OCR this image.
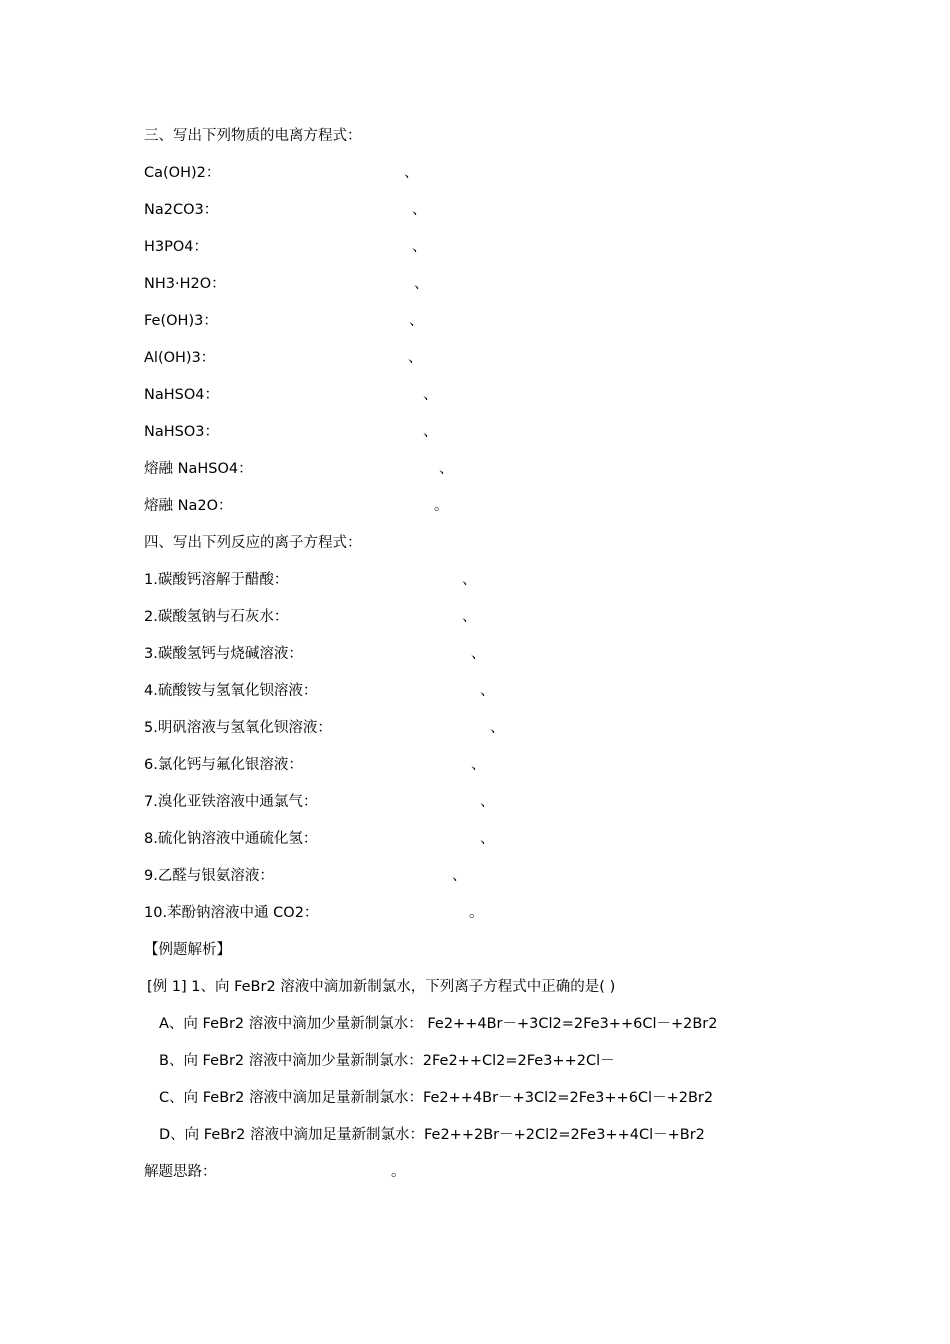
三、写出下列物质的电离方程式：
Ca(OH)2：	、
Na2CO3：	、
H3PO4：	、
NH3·H2O：	、
Fe(OH)3：	、
Al(OH)3：	、
NaHSO4：	、
NaHSO3：	、
熔融 NaHSO4：	、
熔融 Na2O：	。
四、写出下列反应的离子方程式：
1.碳酸钙溶解于醋酸：	、
2.碳酸氢钠与石灰水：	、
3.碳酸氢钙与烧碱溶液：	、
4.硫酸铵与氢氧化钡溶液：	、
5.明矾溶液与氢氧化钡溶液：	、
6.氯化钙与氟化银溶液：	、
7.溴化亚铁溶液中通氯气：	、
8.硫化钠溶液中通硫化氢：	、
9.乙醛与银氨溶液：	、
10.苯酚钠溶液中通 CO2：	。
【例题解析】
[例 1] 1、向 FeBr2 溶液中滴加新制氯水，下列离子方程式中正确的是( )
A、向 FeBr2 溶液中滴加少量新制氯水： Fe2++4Br－+3Cl2=2Fe3++6Cl－+2Br2
B、向 FeBr2 溶液中滴加少量新制氯水：2Fe2++Cl2=2Fe3++2Cl－
C、向 FeBr2 溶液中滴加足量新制氯水：Fe2++4Br－+3Cl2=2Fe3++6Cl－+2Br2
D、向 FeBr2 溶液中滴加足量新制氯水：Fe2++2Br－+2Cl2=2Fe3++4Cl－+Br2
解题思路：	。
